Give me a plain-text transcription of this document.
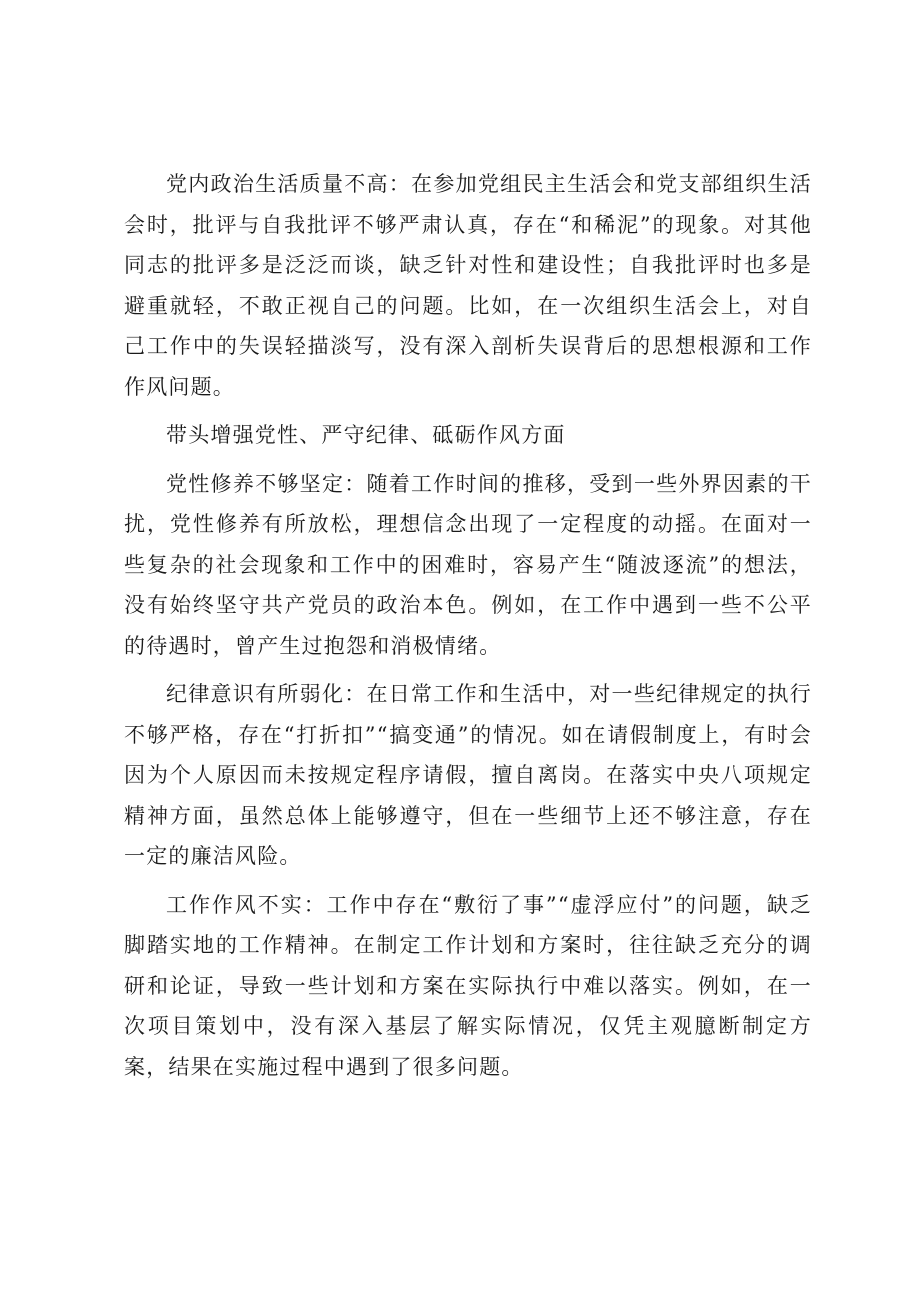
党内政治生活质量不高：在参加党组民主生活会和党支部组织生活会时，批评与自我批评不够严肃认真，存在“和稀泥”的现象。对其他同志的批评多是泛泛而谈，缺乏针对性和建设性；自我批评时也多是避重就轻，不敢正视自己的问题。比如，在一次组织生活会上，对自己工作中的失误轻描淡写，没有深入剖析失误背后的思想根源和工作作风问题。

带头增强党性、严守纪律、砥砺作风方面

党性修养不够坚定：随着工作时间的推移，受到一些外界因素的干扰，党性修养有所放松，理想信念出现了一定程度的动摇。在面对一些复杂的社会现象和工作中的困难时，容易产生“随波逐流”的想法，没有始终坚守共产党员的政治本色。例如，在工作中遇到一些不公平的待遇时，曾产生过抱怨和消极情绪。

纪律意识有所弱化：在日常工作和生活中，对一些纪律规定的执行不够严格，存在“打折扣”“搞变通”的情况。如在请假制度上，有时会因为个人原因而未按规定程序请假，擅自离岗。在落实中央八项规定精神方面，虽然总体上能够遵守，但在一些细节上还不够注意，存在一定的廉洁风险。

工作作风不实：工作中存在“敷衍了事”“虚浮应付”的问题，缺乏脚踏实地的工作精神。在制定工作计划和方案时，往往缺乏充分的调研和论证，导致一些计划和方案在实际执行中难以落实。例如，在一次项目策划中，没有深入基层了解实际情况，仅凭主观臆断制定方案，结果在实施过程中遇到了很多问题。
